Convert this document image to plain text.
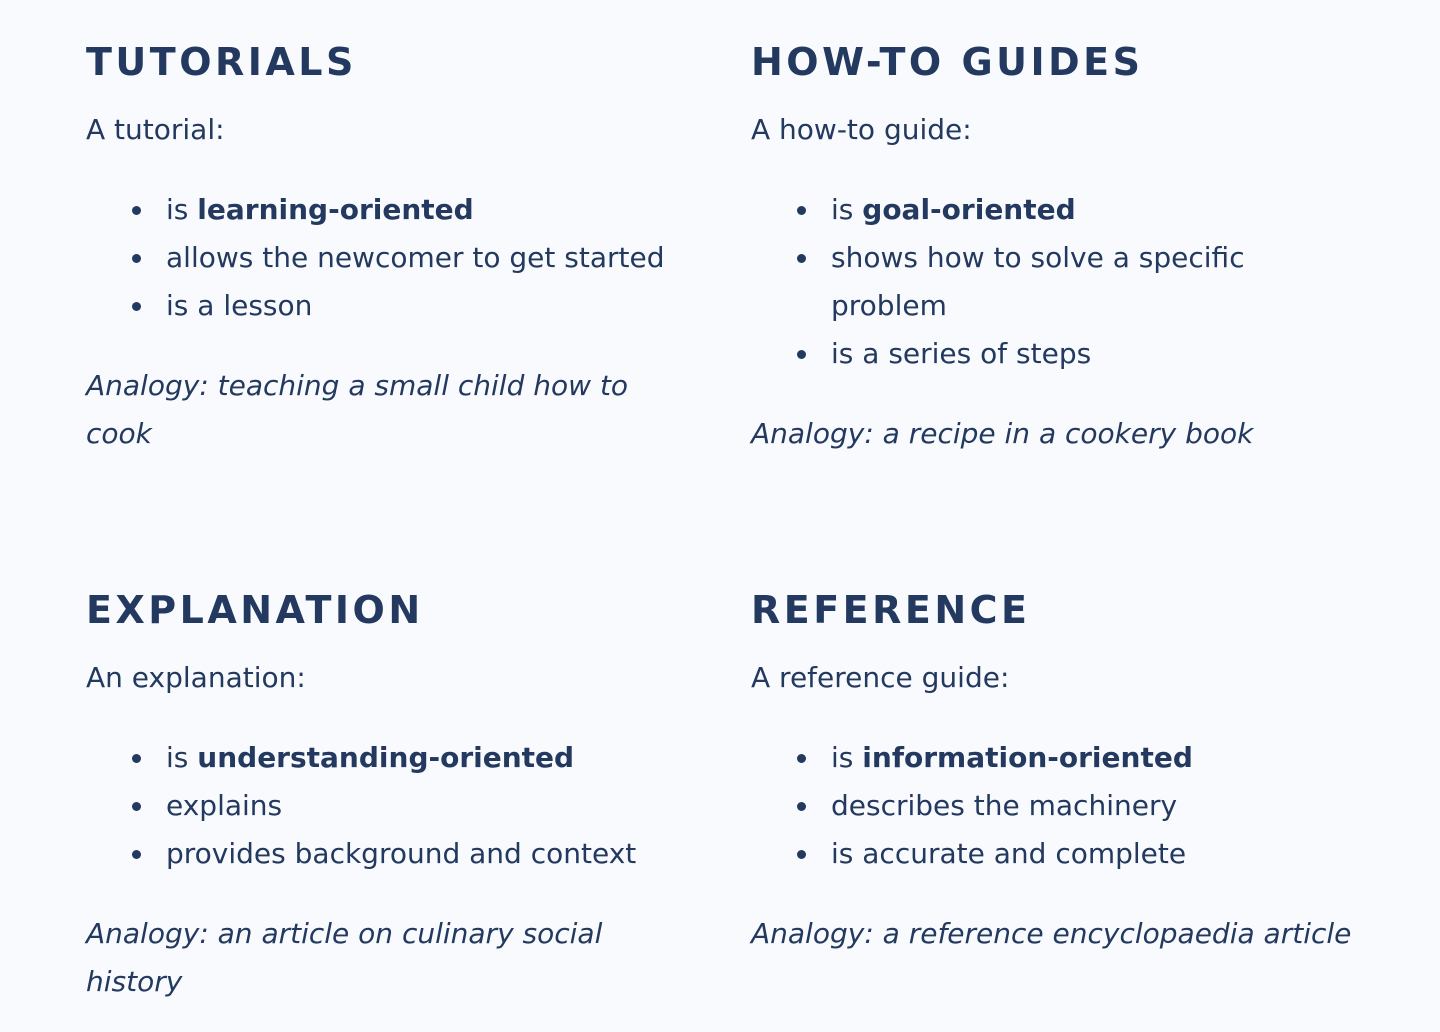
TUTORIALS

A tutorial:

is learning-oriented
allows the newcomer to get started
is a lesson

Analogy: teaching a small child how to cook

HOW-TO GUIDES

A how-to guide:

is goal-oriented
shows how to solve a specific problem
is a series of steps

Analogy: a recipe in a cookery book

EXPLANATION

An explanation:

is understanding-oriented
explains
provides background and context

Analogy: an article on culinary social history

REFERENCE

A reference guide:

is information-oriented
describes the machinery
is accurate and complete

Analogy: a reference encyclopaedia article
